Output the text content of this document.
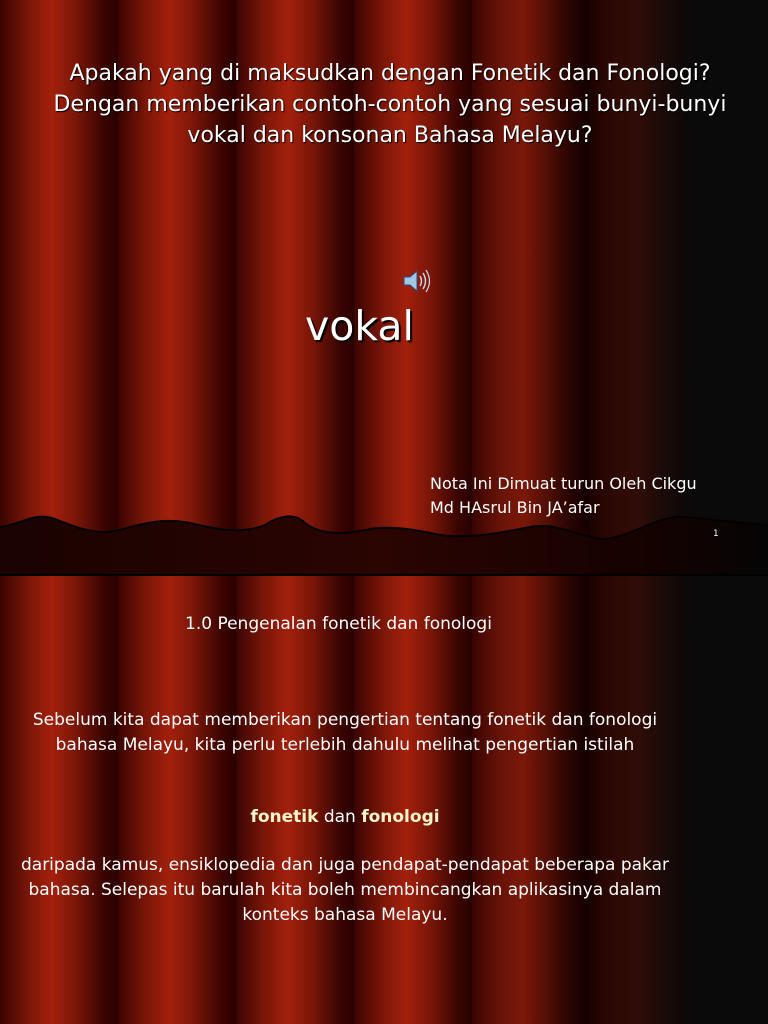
Apakah yang di maksudkan dengan Fonetik dan Fonologi? Dengan memberikan contoh-contoh yang sesuai bunyi-bunyi vokal dan konsonan Bahasa Melayu?
vokal
Nota Ini Dimuat turun Oleh Cikgu
Md HAsrul Bin JA’afar
1
1.0 Pengenalan fonetik dan fonologi
Sebelum kita dapat memberikan pengertian tentang fonetik dan fonologi bahasa Melayu, kita perlu terlebih dahulu melihat pengertian istilah
fonetik dan fonologi
daripada kamus, ensiklopedia dan juga pendapat-pendapat beberapa pakar bahasa. Selepas itu barulah kita boleh membincangkan aplikasinya dalam konteks bahasa Melayu.
